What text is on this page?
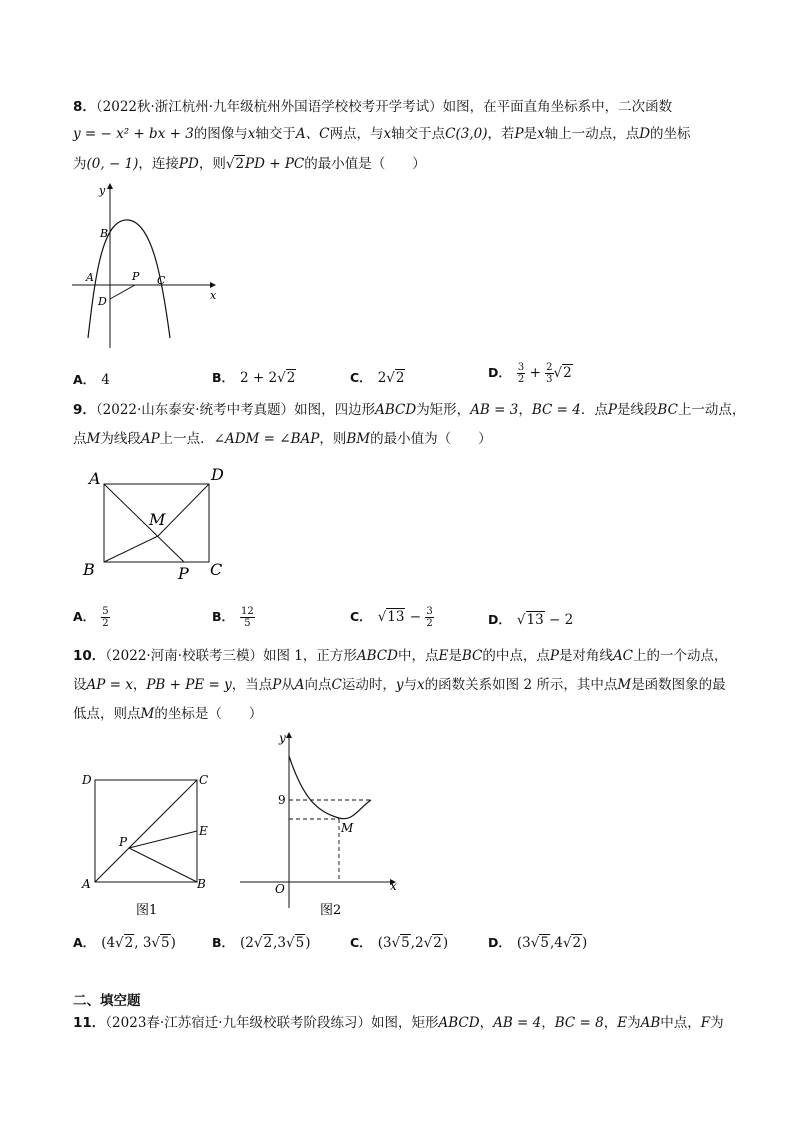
8．（2022秋·浙江杭州·九年级杭州外国语学校校考开学考试）如图，在平面直角坐标系中，二次函数
y = − x² + bx + 3的图像与x轴交于A、C两点，与x轴交于点C(3,0)，若P是x轴上一动点，点D的坐标
为(0, − 1)，连接PD，则√2PD + PC的最小值是（　　）
y
x
B
A	P C
D
A． 4	B． 2 + 2√2	C． 2√2	D． $\frac{3}{2} + \frac{2}{3} √2$
9．（2022·山东泰安·统考中考真题）如图，四边形ABCD为矩形，AB = 3，BC = 4．点P是线段BC上一动点，
点M为线段AP上一点．∠ADM = ∠BAP，则BM的最小值为（　　）
A	D
B	C
M
P
A． $\frac{5}{2}$	B． $\frac{12}{5}$	C． $√13 - \frac{3}{2}$	D． √13 − 2
10．（2022·河南·校联考三模）如图 1，正方形ABCD中，点E是BC的中点，点P是对角线AC上的一个动点，
设AP = x，PB + PE = y，当点P从A向点C运动时，y与x的函数关系如图 2 所示，其中点M是函数图象的最
低点，则点M的坐标是（　　）
D	C
E
P
A	B
图1
y
x
O
9
M
图2
A． (4√2, 3√5)	B． (2√2,3√5)	C． (3√5,2√2)	D． (3√5,4√2)
二、填空题
11．（2023春·江苏宿迁·九年级校联考阶段练习）如图，矩形ABCD，AB = 4，BC = 8，E为AB中点，F为
